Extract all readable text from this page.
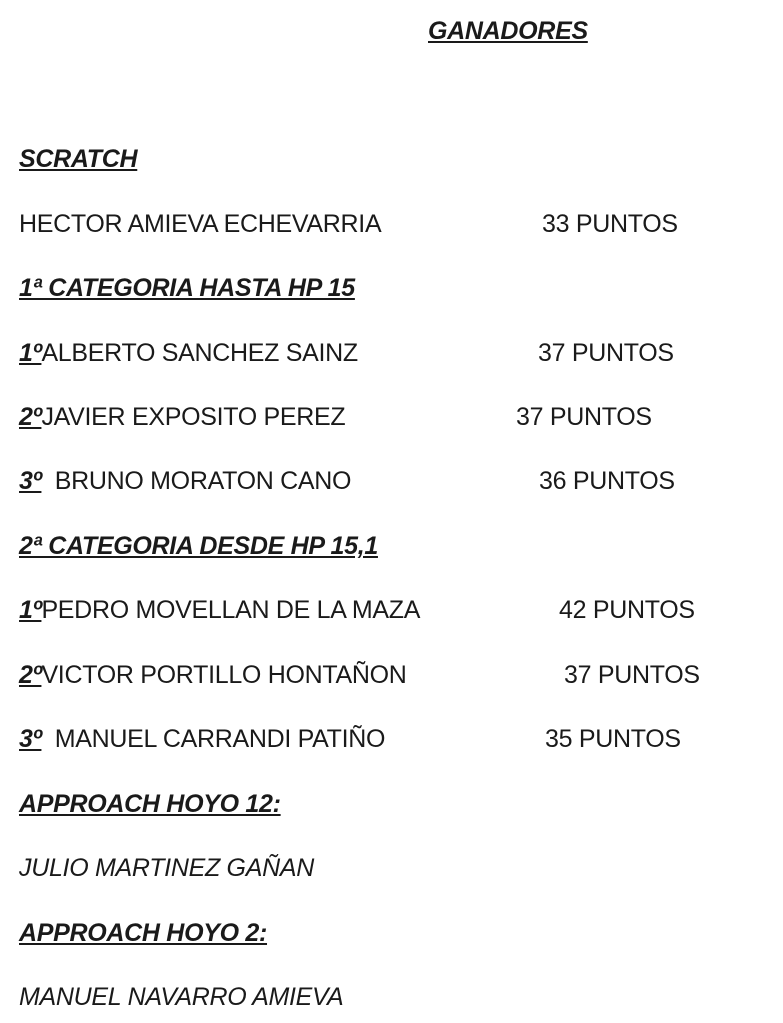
GANADORES
SCRATCH
HECTOR AMIEVA ECHEVARRIA	33 PUNTOS
1ª CATEGORIA HASTA HP 15
1ºALBERTO SANCHEZ SAINZ	37 PUNTOS
2ºJAVIER EXPOSITO PEREZ	37 PUNTOS
3º  BRUNO MORATON CANO	36 PUNTOS
2ª CATEGORIA DESDE HP 15,1
1ºPEDRO MOVELLAN DE LA MAZA	42 PUNTOS
2ºVICTOR PORTILLO HONTAÑON	37 PUNTOS
3º  MANUEL CARRANDI PATIÑO	35 PUNTOS
APPROACH HOYO 12:
JULIO MARTINEZ GAÑAN
APPROACH HOYO 2:
MANUEL NAVARRO AMIEVA
